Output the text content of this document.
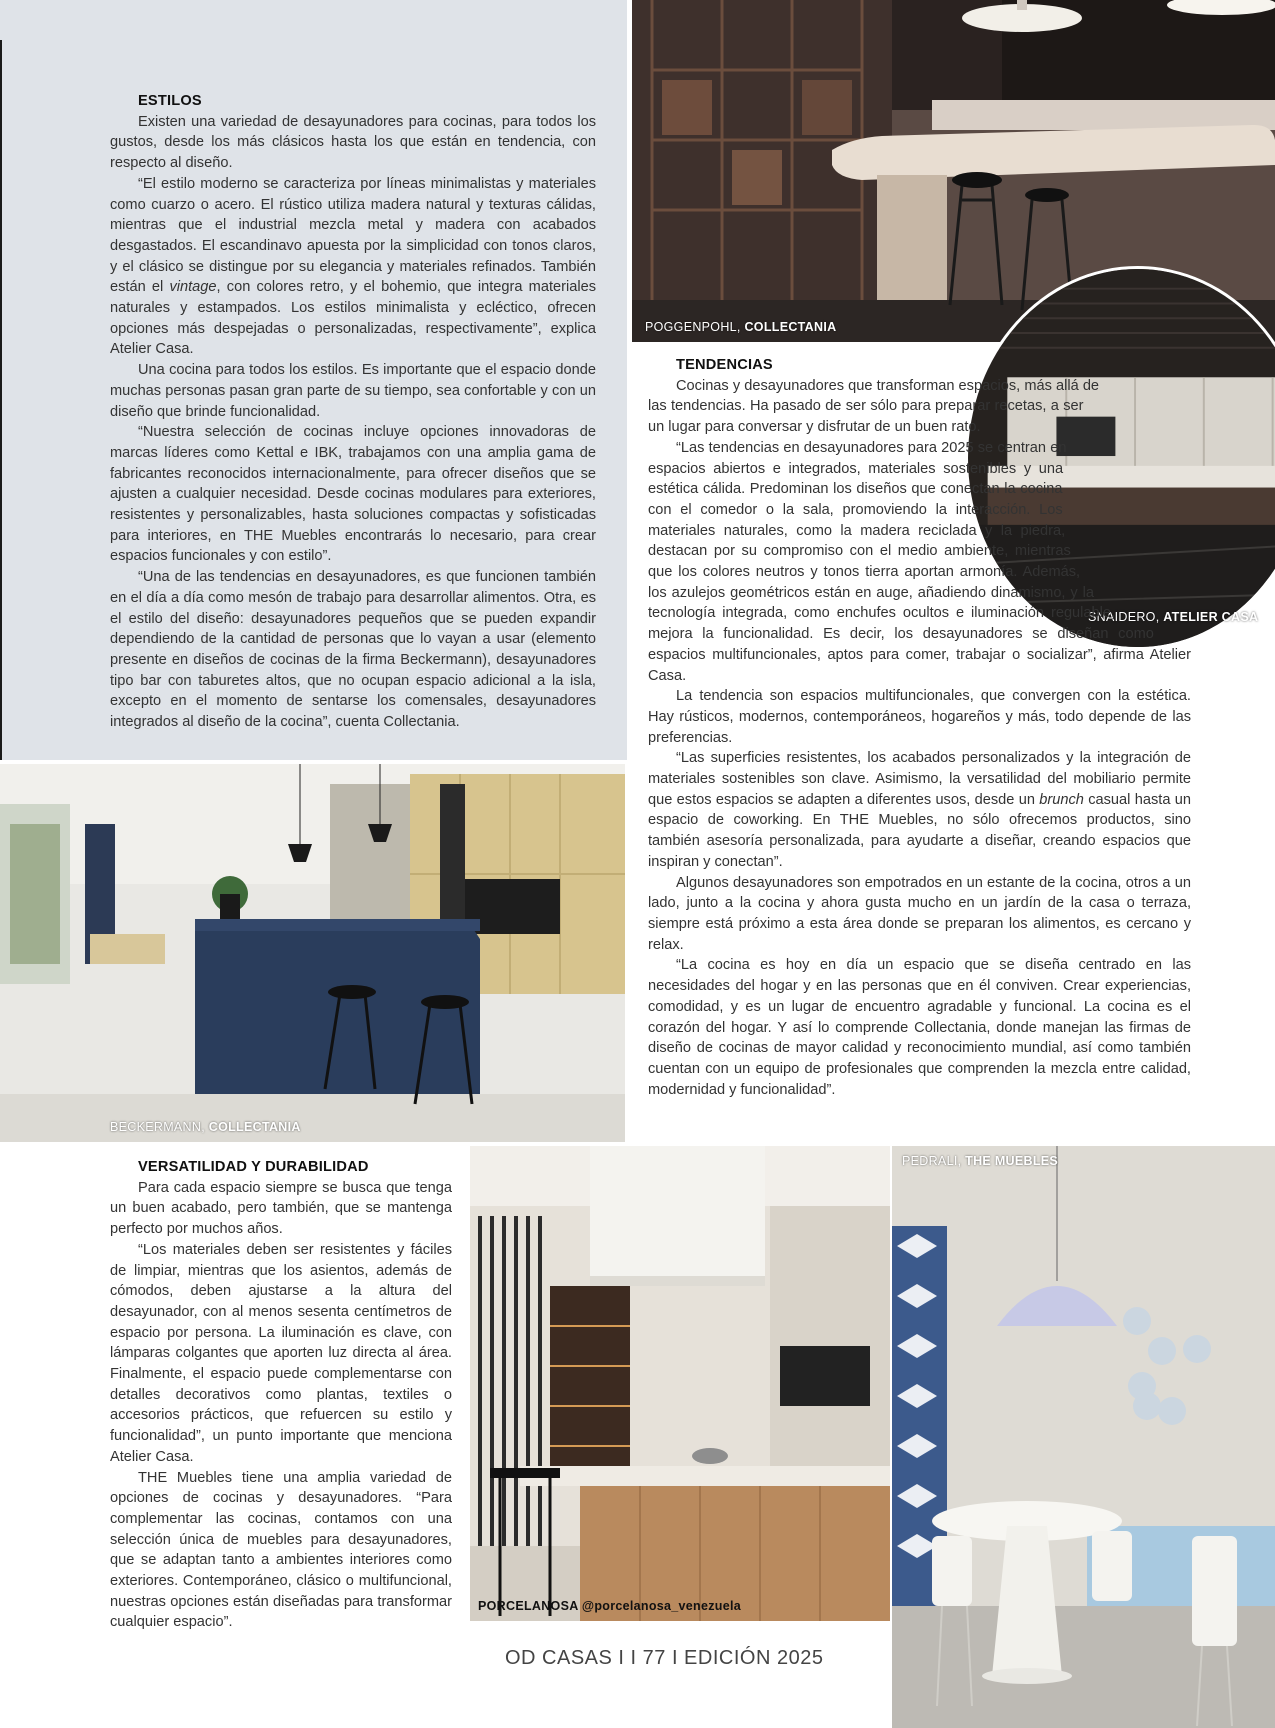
POGGENPOHL, COLLECTANIA
SNAIDERO, ATELIER CASA
BECKERMANN, COLLECTANIA
PORCELANOSA @porcelanosa_venezuela
PEDRALI, THE MUEBLES
ESTILOS

Existen una variedad de desayunadores para cocinas, para todos los gustos, desde los más clásicos hasta los que están en tendencia, con respecto al diseño.

“El estilo moderno se caracteriza por líneas minimalistas y materiales como cuarzo o acero. El rústico utiliza madera natural y texturas cálidas, mientras que el industrial mezcla metal y madera con acabados desgastados. El escandinavo apuesta por la simplicidad con tonos claros, y el clásico se distingue por su elegancia y materiales refinados. También están el vintage, con colores retro, y el bohemio, que integra materiales naturales y estampados. Los estilos minimalista y ecléctico, ofrecen opciones más despejadas o personalizadas, respectivamente”, explica Atelier Casa.

Una cocina para todos los estilos. Es importante que el espacio donde muchas personas pasan gran parte de su tiempo, sea confortable y con un diseño que brinde funcionalidad.

“Nuestra selección de cocinas incluye opciones innovadoras de marcas líderes como Kettal e IBK, trabajamos con una amplia gama de fabricantes reconocidos internacionalmente, para ofrecer diseños que se ajusten a cualquier necesidad. Desde cocinas modulares para exteriores, resistentes y personalizables, hasta soluciones compactas y sofisticadas para interiores, en THE Muebles encontrarás lo necesario, para crear espacios funcionales y con estilo”.

“Una de las tendencias en desayunadores, es que funcionen también en el día a día como mesón de trabajo para desarrollar alimentos. Otra, es el estilo del diseño: desayunadores pequeños que se pueden expandir dependiendo de la cantidad de personas que lo vayan a usar (elemento presente en diseños de cocinas de la firma Beckermann), desayunadores tipo bar con taburetes altos, que no ocupan espacio adicional a la isla, excepto en el momento de sentarse los comensales, desayunadores integrados al diseño de la cocina”, cuenta Collectania.

TENDENCIAS

Cocinas y desayunadores que transforman espacios, más allá de las tendencias. Ha pasado de ser sólo para preparar recetas, a ser un lugar para conversar y disfrutar de un buen rato.

“Las tendencias en desayunadores para 2025 se centran en espacios abiertos e integrados, materiales sostenibles y una estética cálida. Predominan los diseños que conectan la cocina con el comedor o la sala, promoviendo la interacción. Los materiales naturales, como la madera reciclada y la piedra, destacan por su compromiso con el medio ambiente, mientras que los colores neutros y tonos tierra aportan armonía. Además, los azulejos geométricos están en auge, añadiendo dinamismo, y la tecnología integrada, como enchufes ocultos e iluminación regulable, mejora la funcionalidad. Es decir, los desayunadores se diseñan como espacios multifuncionales, aptos para comer, trabajar o socializar”, afirma Atelier Casa.

La tendencia son espacios multifuncionales, que convergen con la estética. Hay rústicos, modernos, contemporáneos, hogareños y más, todo depende de las preferencias.

“Las superficies resistentes, los acabados personalizados y la integración de materiales sostenibles son clave. Asimismo, la versatilidad del mobiliario permite que estos espacios se adapten a diferentes usos, desde un brunch casual hasta un espacio de coworking. En THE Muebles, no sólo ofrecemos productos, sino también asesoría personalizada, para ayudarte a diseñar, creando espacios que inspiran y conectan”.

Algunos desayunadores son empotrados en un estante de la cocina, otros a un lado, junto a la cocina y ahora gusta mucho en un jardín de la casa o terraza, siempre está próximo a esta área donde se preparan los alimentos, es cercano y relax.

“La cocina es hoy en día un espacio que se diseña centrado en las necesidades del hogar y en las personas que en él conviven. Crear experiencias, comodidad, y es un lugar de encuentro agradable y funcional. La cocina es el corazón del hogar. Y así lo comprende Collectania, donde manejan las firmas de diseño de cocinas de mayor calidad y reconocimiento mundial, así como también cuentan con un equipo de profesionales que comprenden la mezcla entre calidad, modernidad y funcionalidad”.

VERSATILIDAD Y DURABILIDAD

Para cada espacio siempre se busca que tenga un buen acabado, pero también, que se mantenga perfecto por muchos años.

“Los materiales deben ser resistentes y fáciles de limpiar, mientras que los asientos, además de cómodos, deben ajustarse a la altura del desayunador, con al menos sesenta centímetros de espacio por persona. La iluminación es clave, con lámparas colgantes que aporten luz directa al área. Finalmente, el espacio puede complementarse con detalles decorativos como plantas, textiles o accesorios prácticos, que refuercen su estilo y funcionalidad”, un punto importante que menciona Atelier Casa.

THE Muebles tiene una amplia variedad de opciones de cocinas y desayunadores. “Para complementar las cocinas, contamos con una selección única de muebles para desayunadores, que se adaptan tanto a ambientes interiores como exteriores. Contemporáneo, clásico o multifuncional, nuestras opciones están diseñadas para transformar cualquier espacio”.

OD CASAS I I 77 I EDICIÓN 2025
